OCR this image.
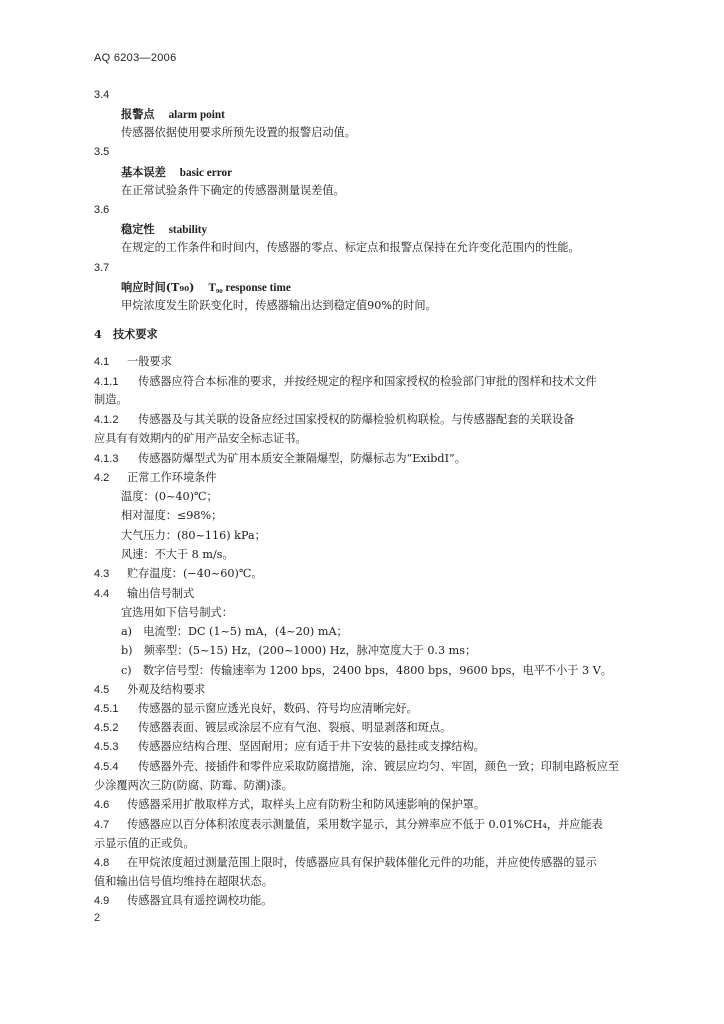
AQ 6203—2006
3.4
报警点 alarm point
传感器依据使用要求所预先设置的报警启动值。
3.5
基本误差 basic error
在正常试验条件下确定的传感器测量误差值。
3.6
稳定性 stability
在规定的工作条件和时间内，传感器的零点、标定点和报警点保持在允许变化范围内的性能。
3.7
响应时间(T₉₀) T₉₀ response time
甲烷浓度发生阶跃变化时，传感器输出达到稳定值90%的时间。
4　技术要求
4.1 一般要求
4.1.1 传感器应符合本标准的要求，并按经规定的程序和国家授权的检验部门审批的图样和技术文件
制造。
4.1.2 传感器及与其关联的设备应经过国家授权的防爆检验机构联检。与传感器配套的关联设备
应具有有效期内的矿用产品安全标志证书。
4.1.3 传感器防爆型式为矿用本质安全兼隔爆型，防爆标志为“ExibdⅠ”。
4.2 正常工作环境条件
温度：(0~40)℃；
相对湿度：≤98%；
大气压力：(80~116) kPa；
风速：不大于 8 m/s。
4.3 贮存温度：(−40~60)℃。
4.4 输出信号制式
宜选用如下信号制式：
a)　电流型：DC (1~5) mA，(4~20) mA；
b)　频率型：(5~15) Hz，(200~1000) Hz，脉冲宽度大于 0.3 ms；
c)　数字信号型：传输速率为 1200 bps，2400 bps，4800 bps，9600 bps，电平不小于 3 V。
4.5 外观及结构要求
4.5.1 传感器的显示窗应透光良好，数码、符号均应清晰完好。
4.5.2 传感器表面、镀层或涂层不应有气泡、裂痕、明显剥落和斑点。
4.5.3 传感器应结构合理、坚固耐用；应有适于井下安装的悬挂或支撑结构。
4.5.4 传感器外壳、接插件和零件应采取防腐措施，涂、镀层应均匀、牢固，颜色一致；印制电路板应至
少涂覆两次三防(防腐、防霉、防潮)漆。
4.6 传感器采用扩散取样方式，取样头上应有防粉尘和防风速影响的保护罩。
4.7 传感器应以百分体积浓度表示测量值，采用数字显示，其分辨率应不低于 0.01%CH₄，并应能表
示显示值的正或负。
4.8 在甲烷浓度超过测量范围上限时，传感器应具有保护载体催化元件的功能，并应使传感器的显示
值和输出信号值均维持在超限状态。
4.9 传感器宜具有遥控调校功能。
2
